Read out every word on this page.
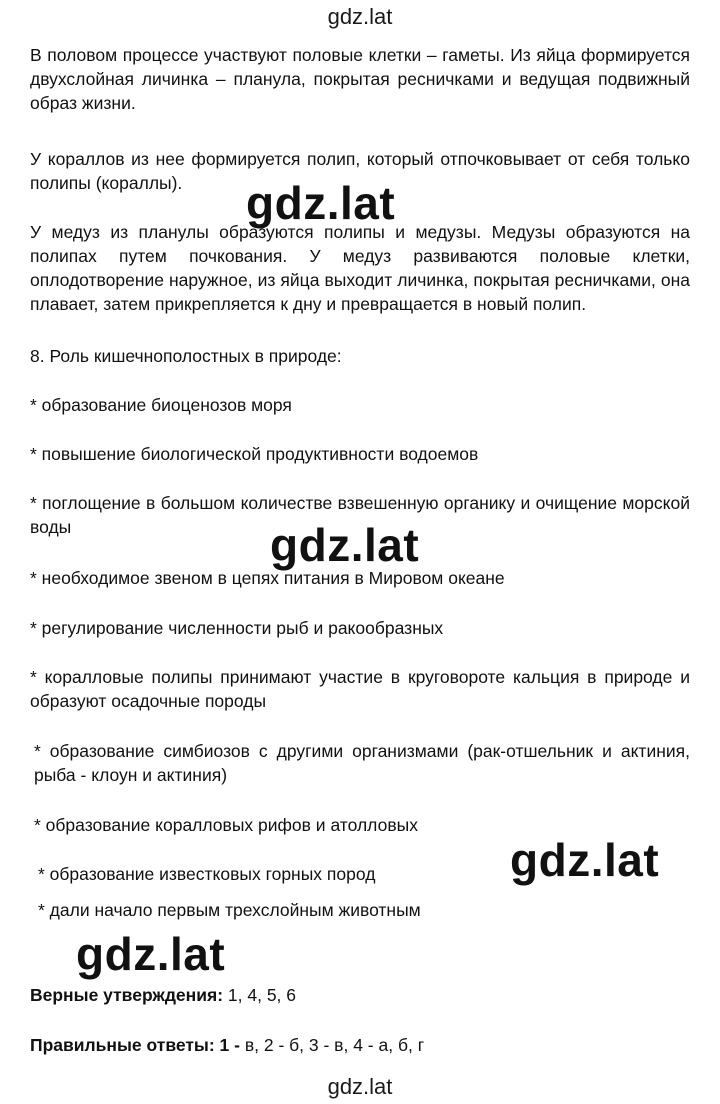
gdz.lat

В половом процессе участвуют половые клетки – гаметы. Из яйца формируется двухслойная личинка – планула, покрытая ресничками и ведущая подвижный образ жизни.

У кораллов из нее формируется полип, который отпочковывает от себя только полипы (кораллы).

У медуз из планулы образуются полипы и медузы. Медузы образуются на полипах путем почкования. У медуз развиваются половые клетки, оплодотворение наружное, из яйца выходит личинка, покрытая ресничками, она плавает, затем прикрепляется к дну и превращается в новый полип.

8. Роль кишечнополостных в природе:

* образование биоценозов моря

* повышение биологической продуктивности водоемов

* поглощение в большом количестве взвешенную органику и очищение морской воды

* необходимое звеном в цепях питания в Мировом океане

* регулирование численности рыб и ракообразных

* коралловые полипы принимают участие в круговороте кальция в природе и образуют осадочные породы

* образование симбиозов с другими организмами (рак-отшельник и актиния, рыба - клоун и актиния)

* образование коралловых рифов и атолловых

* образование известковых горных пород

* дали начало первым трехслойным животным

Верные утверждения: 1, 4, 5, 6

Правильные ответы: 1 - в, 2 - б, 3 - в, 4 - а, б, г

gdz.lat
gdz.lat
gdz.lat
gdz.lat
gdz.lat
